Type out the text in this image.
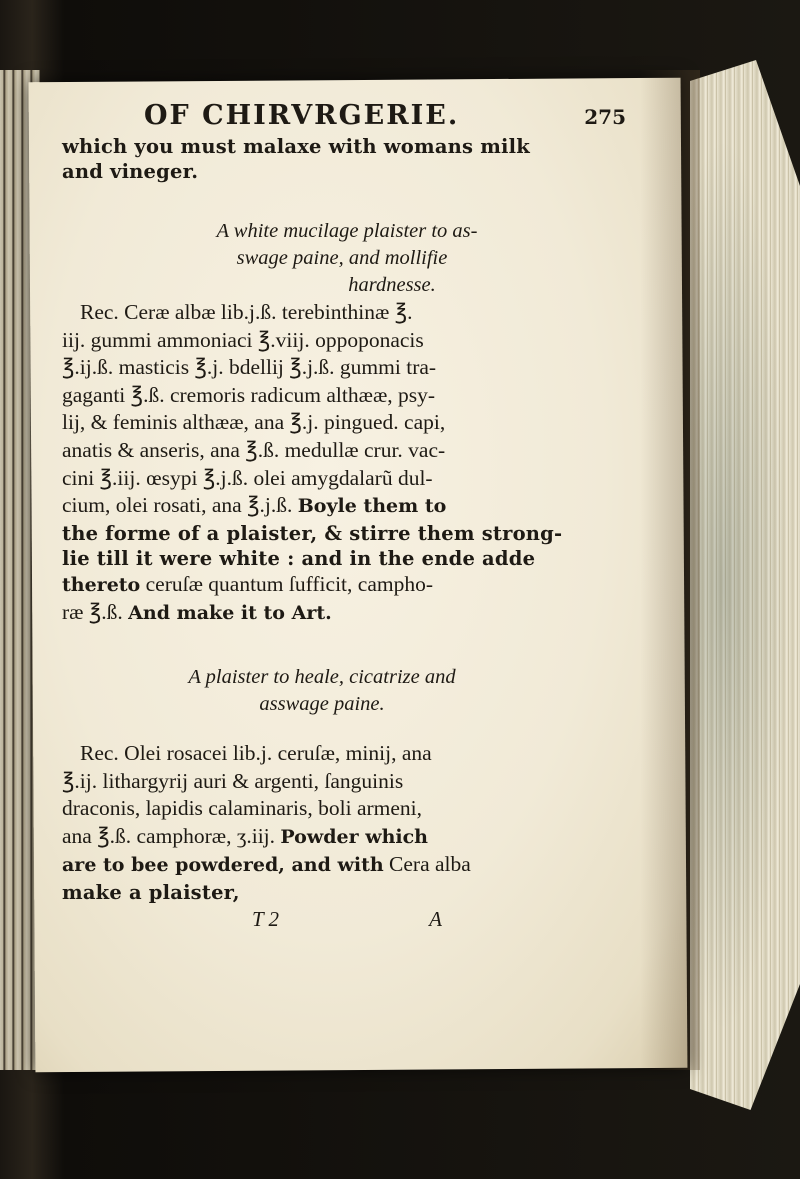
OF CHIRVRGERIE.	275
which you must malaxe with womans milk
and vineger.
A white mucilage plaister to as-
swage paine, and mollifie
hardnesse.
Rec. Ceræ albæ lib.j.ß. terebinthinæ ℥.
iij. gummi ammoniaci ℥.viij. oppoponacis
℥.ij.ß. masticis ℥.j. bdellij ℥.j.ß. gummi tra-
gaganti ℥.ß. cremoris radicum althææ, psy-
lij, & feminis althææ, ana ℥.j. pingued. capi,
anatis & anseris, ana ℥.ß. medullæ crur. vac-
cini ℥.iij. œsypi ℥.j.ß. olei amygdalarũ dul-
cium, olei rosati, ana ℥.j.ß. Boyle them to
the forme of a plaister, & stirre them strong-
lie till it were white : and in the ende adde
thereto ceruſæ quantum ſufficit, campho-
ræ ℥.ß. And make it to Art.
A plaister to heale, cicatrize and
asswage paine.
Rec. Olei rosacei lib.j. ceruſæ, minij, ana
℥.ij. lithargyrij auri & argenti, ſanguinis
draconis, lapidis calaminaris, boli armeni,
ana ℥.ß. camphoræ, ʒ.iij. Powder which
are to bee powdered, and with Cera alba
make a plaister,
T 2	A
